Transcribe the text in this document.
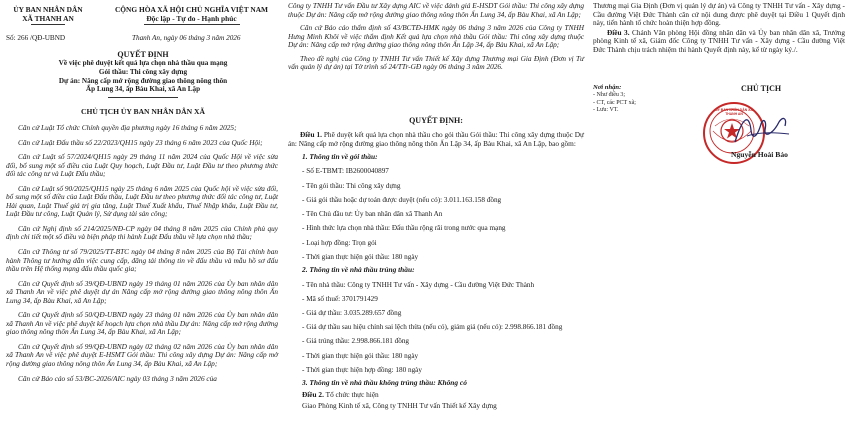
ỦY BAN NHÂN DÂN

XÃ THANH AN

CỘNG HÒA XÃ HỘI CHỦ NGHĨA VIỆT NAM

Độc lập - Tự do - Hạnh phúc

Số: 266 /QĐ-UBND	Thanh An, ngày 06 tháng 3 năm 2026

QUYẾT ĐỊNH

Về việc phê duyệt kết quả lựa chọn nhà thầu qua mạng

Gói thầu: Thi công xây dựng

Dự án: Nâng cấp mở rộng đường giao thông nông thôn

Ấp Lung 34, ấp Bàu Khai, xã An Lập

CHỦ TỊCH ỦY BAN NHÂN DÂN XÃ

Căn cứ Luật Tổ chức Chính quyền địa phương ngày 16 tháng 6 năm 2025;

Căn cứ Luật Đấu thầu số 22/2023/QH15 ngày 23 tháng 6 năm 2023 của Quốc Hội;

Căn cứ Luật số 57/2024/QH15 ngày 29 tháng 11 năm 2024 của Quốc Hội về việc sửa đổi, bổ sung một số điều của Luật Quy hoạch, Luật Đầu tư, Luật Đầu tư theo phương thức đối tác công tư và Luật Đấu thầu;

Căn cứ Luật số 90/2025/QH15 ngày 25 tháng 6 năm 2025 của Quốc hội về việc sửa đổi, bổ sung một số điều của Luật Đấu thầu, Luật Đầu tư theo phương thức đối tác công tư, Luật Hải quan, Luật Thuế giá trị gia tăng, Luật Thuế Xuất khẩu, Thuế Nhập khẩu, Luật Đầu tư, Luật Đầu tư công, Luật Quản lý, Sử dụng tài sản công;

Căn cứ Nghị định số 214/2025/NĐ-CP ngày 04 tháng 8 năm 2025 của Chính phủ quy định chi tiết một số điều và biện pháp thi hành Luật Đấu thầu về lựa chọn nhà thầu;

Căn cứ Thông tư số 79/2025/TT-BTC ngày 04 tháng 8 năm 2025 của Bộ Tài chính ban hành Thông tư hướng dẫn việc cung cấp, đăng tải thông tin về đấu thầu và mẫu hồ sơ đấu thầu trên Hệ thống mạng đấu thầu quốc gia;

Căn cứ Quyết định số 39/QĐ-UBND ngày 19 tháng 01 năm 2026 của Ủy ban nhân dân xã Thanh An về việc phê duyệt dự án Nâng cấp mở rộng đường giao thông nông thôn Ấn Lung 34, ấp Bàu Khai, xã An Lập;

Căn cứ Quyết định số 50/QĐ-UBND ngày 23 tháng 01 năm 2026 của Ủy ban nhân dân xã Thanh An về việc phê duyệt kế hoạch lựa chọn nhà thầu Dự án: Nâng cấp mở rộng đường giao thông nông thôn Ấn Lung 34, ấp Bàu Khai, xã An Lập;

Căn cứ Quyết định số 99/QĐ-UBND ngày 02 tháng 02 năm 2026 của Ủy ban nhân dân xã Thanh An về việc phê duyệt E-HSMT Gói thầu: Thi công xây dựng Dự án: Nâng cấp mở rộng đường giao thông nông thôn Ấn Lung 34, ấp Bàu Khai, xã An Lập;

Căn cứ Báo cáo số 53/BC-2026/AIC ngày 03 tháng 3 năm 2026 của

Công ty TNHH Tư vấn Đầu tư Xây dựng AIC về việc đánh giá E-HSDT Gói thầu: Thi công xây dựng thuộc Dự án: Nâng cấp mở rộng đường giao thông nông thôn Ấn Lung 34, ấp Bàu Khai, xã An Lập;

Căn cứ Báo cáo thẩm định số 43/BCTĐ-HMK ngày 06 tháng 3 năm 2026 của Công ty TNHH Hưng Minh Khôi về việc thẩm định Kết quả lựa chọn nhà thầu Gói thầu: Thi công xây dựng thuộc Dự án: Nâng cấp mở rộng đường giao thông nông thôn Ấn Lập 34, ấp Bàu Khai, xã An Lập;

Theo đề nghị của Công ty TNHH Tư vấn Thiết kế Xây dựng Thương mại Gia Định (Đơn vị Tư vấn quản lý dự án) tại Tờ trình số 24/TTr-GĐ ngày 06 tháng 3 năm 2026.

QUYẾT ĐỊNH:

Điều 1. Phê duyệt kết quả lựa chọn nhà thầu cho gói thầu Gói thầu: Thi công xây dựng thuộc Dự án: Nâng cấp mở rộng đường giao thông nông thôn Ấn Lập 34, ấp Bàu Khai, xã An Lập, bao gồm:

1. Thông tin về gói thầu:

- Số E-TBMT: IB2600040897

- Tên gói thầu: Thi công xây dựng

- Giá gói thầu hoặc dự toán được duyệt (nếu có): 3.011.163.158 đồng

- Tên Chủ đầu tư: Ủy ban nhân dân xã Thanh An

- Hình thức lựa chọn nhà thầu: Đấu thầu rộng rãi trong nước qua mạng

- Loại hợp đồng: Trọn gói

- Thời gian thực hiện gói thầu: 180 ngày

2. Thông tin về nhà thầu trúng thầu:

- Tên nhà thầu: Công ty TNHH Tư vấn - Xây dựng - Cầu đường Việt Đức Thành

- Mã số thuế: 3701791429

- Giá dự thầu: 3.035.289.657 đồng

- Giá dự thầu sau hiệu chỉnh sai lệch thừa (nếu có), giảm giá (nếu có): 2.998.866.181 đồng

- Giá trúng thầu: 2.998.866.181 đồng

- Thời gian thực hiện gói thầu: 180 ngày

- Thời gian thực hiện hợp đồng: 180 ngày

3. Thông tin về nhà thầu không trúng thầu: Không có

Điều 2. Tổ chức thực hiện

Giao Phòng Kinh tế xã, Công ty TNHH Tư vấn Thiết kế Xây dựng

Thương mại Gia Định (Đơn vị quản lý dự án) và Công ty TNHH Tư vấn - Xây dựng - Cầu đường Việt Đức Thành căn cứ nội dung được phê duyệt tại Điều 1 Quyết định này, tiến hành tổ chức hoàn thiện hợp đồng.

Điều 3. Chánh Văn phòng Hội đồng nhân dân và Ủy ban nhân dân xã, Trưởng phòng Kinh tế xã, Giám đốc Công ty TNHH Tư vấn - Xây dựng - Cầu đường Việt Đức Thành chịu trách nhiệm thi hành Quyết định này, kể từ ngày ký./.

Nơi nhận:

- Như điều 3;

- CT, các PCT xã;

- Lưu: VT.

CHỦ TỊCH

ỦY BAN NHÂN DÂN XÃ THANH AN

Nguyễn Hoài Bảo
